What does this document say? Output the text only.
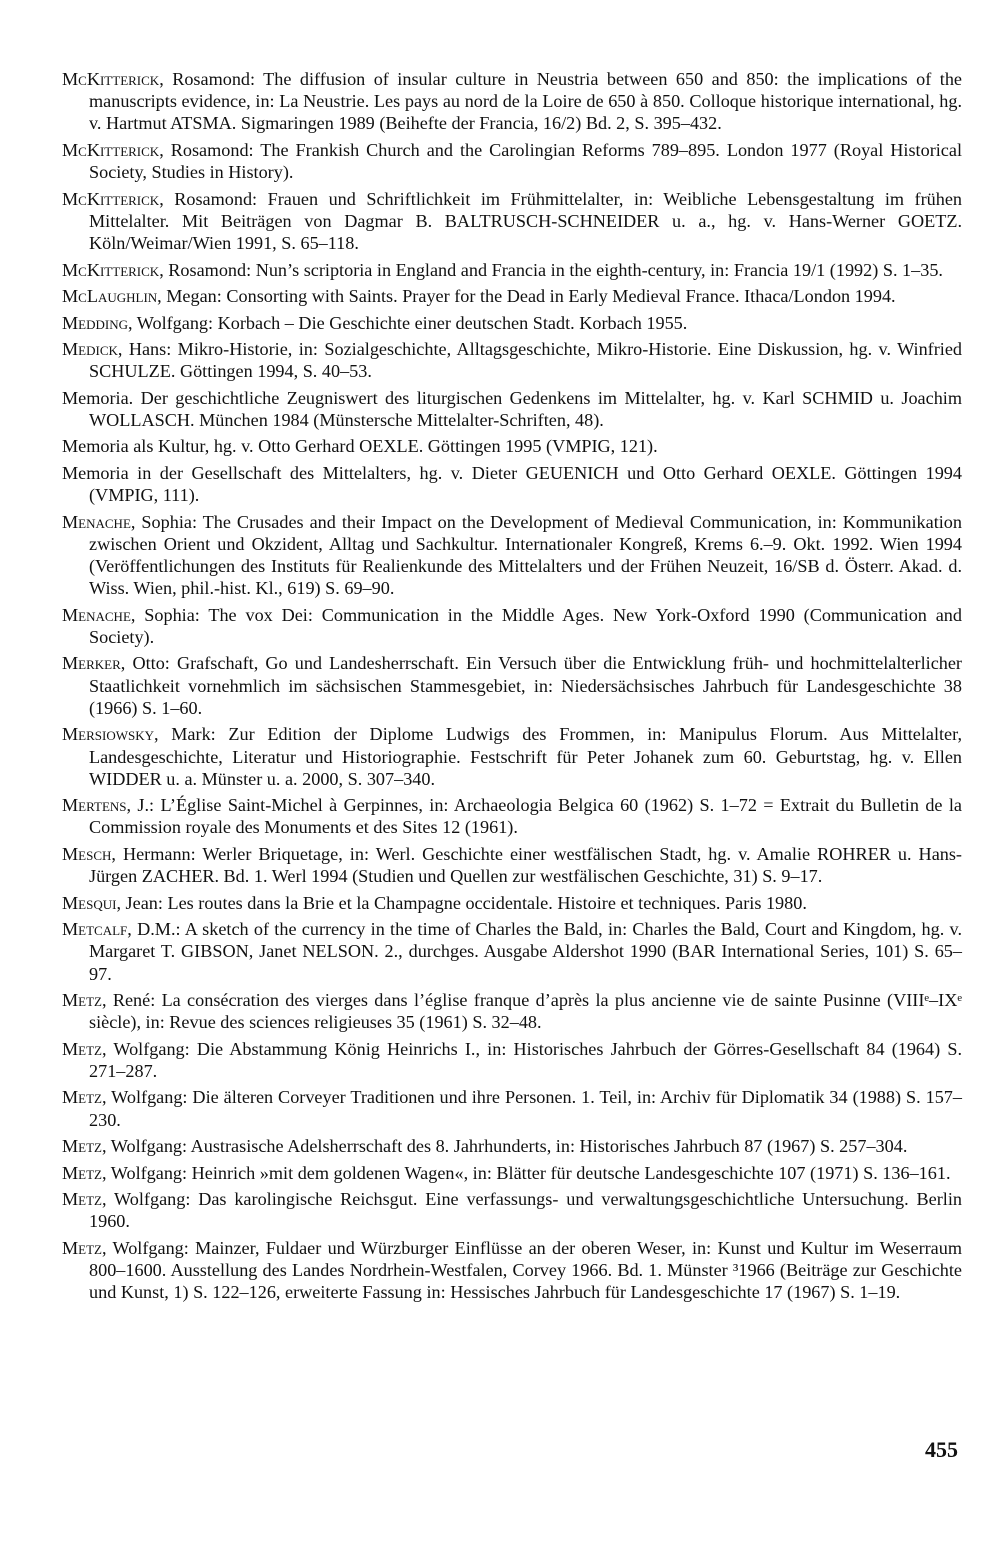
McKitterick, Rosamond: The diffusion of insular culture in Neustria between 650 and 850: the implications of the manuscripts evidence, in: La Neustrie. Les pays au nord de la Loire de 650 à 850. Colloque historique international, hg. v. Hartmut ATSMA. Sigmaringen 1989 (Beihefte der Francia, 16/2) Bd. 2, S. 395–432.

McKitterick, Rosamond: The Frankish Church and the Carolingian Reforms 789–895. London 1977 (Royal Historical Society, Studies in History).

McKitterick, Rosamond: Frauen und Schriftlichkeit im Frühmittelalter, in: Weibliche Lebensgestaltung im frühen Mittelalter. Mit Beiträgen von Dagmar B. BALTRUSCH-SCHNEIDER u. a., hg. v. Hans-Werner GOETZ. Köln/Weimar/Wien 1991, S. 65–118.

McKitterick, Rosamond: Nun’s scriptoria in England and Francia in the eighth-century, in: Francia 19/1 (1992) S. 1–35.

McLaughlin, Megan: Consorting with Saints. Prayer for the Dead in Early Medieval France. Ithaca/London 1994.

Medding, Wolfgang: Korbach – Die Geschichte einer deutschen Stadt. Korbach 1955.

Medick, Hans: Mikro-Historie, in: Sozialgeschichte, Alltagsgeschichte, Mikro-Historie. Eine Diskussion, hg. v. Winfried SCHULZE. Göttingen 1994, S. 40–53.

Memoria. Der geschichtliche Zeugniswert des liturgischen Gedenkens im Mittelalter, hg. v. Karl SCHMID u. Joachim WOLLASCH. München 1984 (Münstersche Mittelalter-Schriften, 48).

Memoria als Kultur, hg. v. Otto Gerhard OEXLE. Göttingen 1995 (VMPIG, 121).

Memoria in der Gesellschaft des Mittelalters, hg. v. Dieter GEUENICH und Otto Gerhard OEXLE. Göttingen 1994 (VMPIG, 111).

Menache, Sophia: The Crusades and their Impact on the Development of Medieval Communication, in: Kommunikation zwischen Orient und Okzident, Alltag und Sachkultur. Internationaler Kongreß, Krems 6.–9. Okt. 1992. Wien 1994 (Veröffentlichungen des Instituts für Realienkunde des Mittelalters und der Frühen Neuzeit, 16/SB d. Österr. Akad. d. Wiss. Wien, phil.-hist. Kl., 619) S. 69–90.

Menache, Sophia: The vox Dei: Communication in the Middle Ages. New York-Oxford 1990 (Communication and Society).

Merker, Otto: Grafschaft, Go und Landesherrschaft. Ein Versuch über die Entwicklung früh- und hochmittelalterlicher Staatlichkeit vornehmlich im sächsischen Stammesgebiet, in: Niedersächsisches Jahrbuch für Landesgeschichte 38 (1966) S. 1–60.

Mersiowsky, Mark: Zur Edition der Diplome Ludwigs des Frommen, in: Manipulus Florum. Aus Mittelalter, Landesgeschichte, Literatur und Historiographie. Festschrift für Peter Johanek zum 60. Geburtstag, hg. v. Ellen WIDDER u. a. Münster u. a. 2000, S. 307–340.

Mertens, J.: L’Église Saint-Michel à Gerpinnes, in: Archaeologia Belgica 60 (1962) S. 1–72 = Extrait du Bulletin de la Commission royale des Monuments et des Sites 12 (1961).

Mesch, Hermann: Werler Briquetage, in: Werl. Geschichte einer westfälischen Stadt, hg. v. Amalie ROHRER u. Hans-Jürgen ZACHER. Bd. 1. Werl 1994 (Studien und Quellen zur westfälischen Geschichte, 31) S. 9–17.

Mesqui, Jean: Les routes dans la Brie et la Champagne occidentale. Histoire et techniques. Paris 1980.

Metcalf, D.M.: A sketch of the currency in the time of Charles the Bald, in: Charles the Bald, Court and Kingdom, hg. v. Margaret T. GIBSON, Janet NELSON. 2., durchges. Ausgabe Aldershot 1990 (BAR International Series, 101) S. 65–97.

Metz, René: La consécration des vierges dans l’église franque d’après la plus ancienne vie de sainte Pusinne (VIIIᵉ–IXᵉ siècle), in: Revue des sciences religieuses 35 (1961) S. 32–48.

Metz, Wolfgang: Die Abstammung König Heinrichs I., in: Historisches Jahrbuch der Görres-Gesellschaft 84 (1964) S. 271–287.

Metz, Wolfgang: Die älteren Corveyer Traditionen und ihre Personen. 1. Teil, in: Archiv für Diplomatik 34 (1988) S. 157–230.

Metz, Wolfgang: Austrasische Adelsherrschaft des 8. Jahrhunderts, in: Historisches Jahrbuch 87 (1967) S. 257–304.

Metz, Wolfgang: Heinrich »mit dem goldenen Wagen«, in: Blätter für deutsche Landesgeschichte 107 (1971) S. 136–161.

Metz, Wolfgang: Das karolingische Reichsgut. Eine verfassungs- und verwaltungsgeschichtliche Untersuchung. Berlin 1960.

Metz, Wolfgang: Mainzer, Fuldaer und Würzburger Einflüsse an der oberen Weser, in: Kunst und Kultur im Weserraum 800–1600. Ausstellung des Landes Nordrhein-Westfalen, Corvey 1966. Bd. 1. Münster ³1966 (Beiträge zur Geschichte und Kunst, 1) S. 122–126, erweiterte Fassung in: Hessisches Jahrbuch für Landesgeschichte 17 (1967) S. 1–19.

455
